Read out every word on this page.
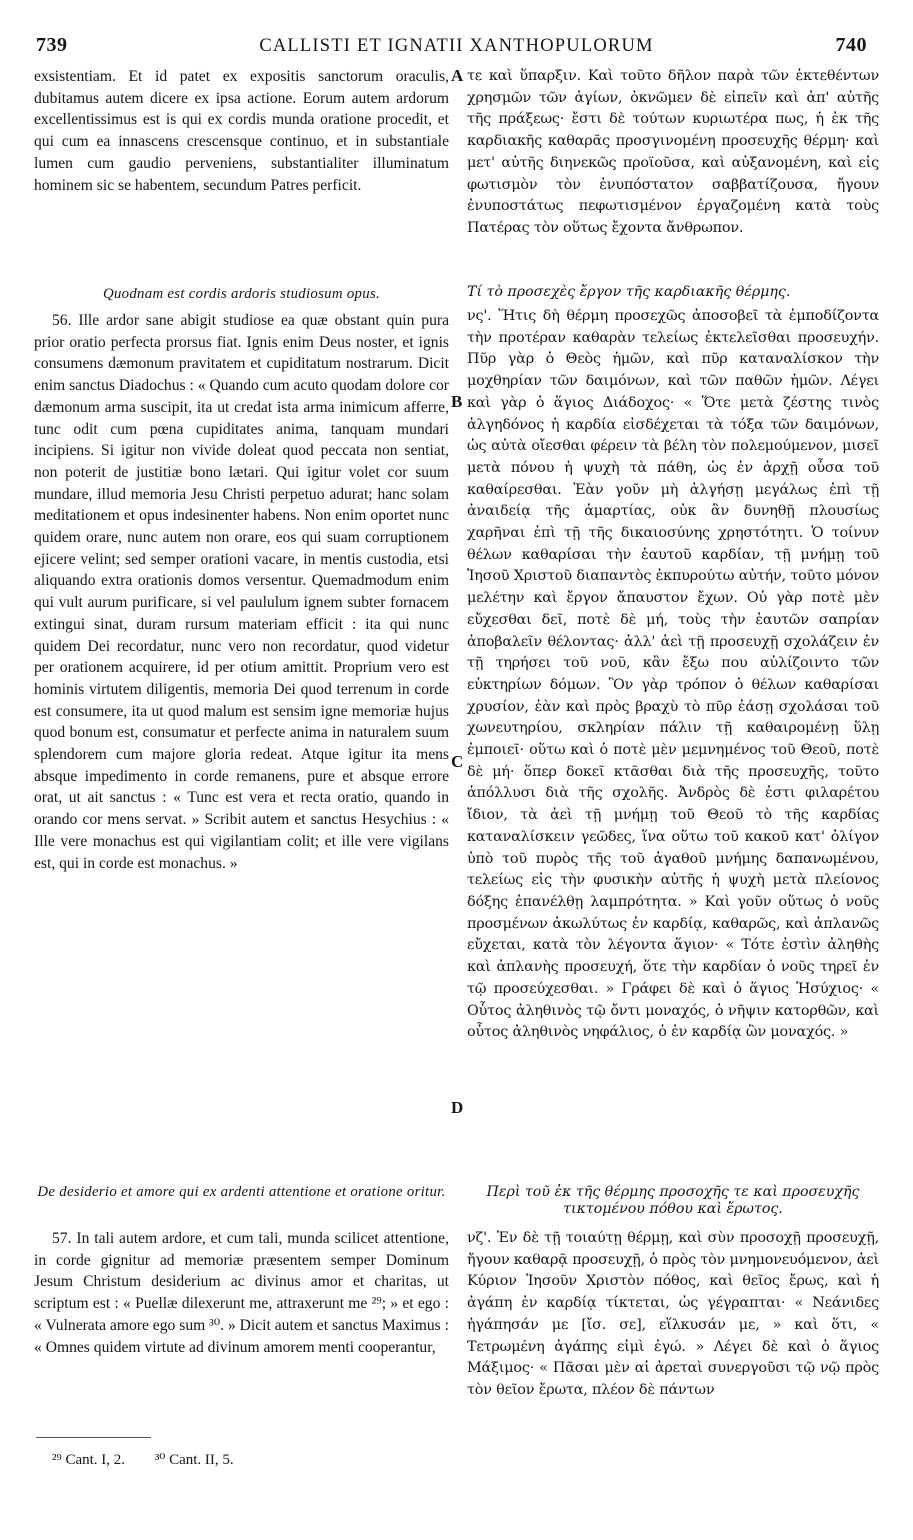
739	CALLISTI ET IGNATII XANTHOPULORUM	740

exsistentiam. Et id patet ex expositis sanctorum oraculis, dubitamus autem dicere ex ipsa actione. Eorum autem ardorum excellentissimus est is qui ex cordis munda oratione procedit, et qui cum ea innascens crescensque continuo, et in substantiale lumen cum gaudio perveniens, substantialiter illuminatum hominem sic se habentem, secundum Patres perficit.

Quodnam est cordis ardoris studiosum opus.

56. Ille ardor sane abigit studiose ea quæ obstant quin pura prior oratio perfecta prorsus fiat. Ignis enim Deus noster, et ignis consumens dæmonum pravitatem et cupiditatum nostrarum. Dicit enim sanctus Diadochus : « Quando cum acuto quodam dolore cor dæmonum arma suscipit, ita ut credat ista arma inimicum afferre, tunc odit cum pœna cupiditates anima, tanquam mundari incipiens. Si igitur non vivide doleat quod peccata non sentiat, non poterit de justitiæ bono lætari. Qui igitur volet cor suum mundare, illud memoria Jesu Christi perpetuo adurat; hanc solam meditationem et opus indesinenter habens. Non enim oportet nunc quidem orare, nunc autem non orare, eos qui suam corruptionem ejicere velint; sed semper orationi vacare, in mentis custodia, etsi aliquando extra orationis domos versentur. Quemadmodum enim qui vult aurum purificare, si vel paululum ignem subter fornacem extingui sinat, duram rursum materiam efficit : ita qui nunc quidem Dei recordatur, nunc vero non recordatur, quod videtur per orationem acquirere, id per otium amittit. Proprium vero est hominis virtutem diligentis, memoria Dei quod terrenum in corde est consumere, ita ut quod malum est sensim igne memoriæ hujus quod bonum est, consumatur et perfecte anima in naturalem suum splendorem cum majore gloria redeat. Atque igitur ita mens absque impedimento in corde remanens, pure et absque errore orat, ut ait sanctus : « Tunc est vera et recta oratio, quando in orando cor mens servat. » Scribit autem et sanctus Hesychius : « Ille vere monachus est qui vigilantiam colit; et ille vere vigilans est, qui in corde est monachus. »

De desiderio et amore qui ex ardenti attentione et oratione oritur.

57. In tali autem ardore, et cum tali, munda scilicet attentione, in corde gignitur ad memoriæ præsentem semper Dominum Jesum Christum desiderium ac divinus amor et charitas, ut scriptum est : « Puellæ dilexerunt me, attraxerunt me ²⁹; » et ego : « Vulnerata amore ego sum ³⁰. » Dicit autem et sanctus Maximus : « Omnes quidem virtute ad divinum amorem menti cooperantur,

τε καὶ ὕπαρξιν. Καὶ τοῦτο δῆλον παρὰ τῶν ἐκτεθέντων χρησμῶν τῶν ἁγίων, ὀκνῶμεν δὲ εἰπεῖν καὶ ἀπ' αὐτῆς τῆς πράξεως· ἔστι δὲ τούτων κυριωτέρα πως, ἡ ἐκ τῆς καρδιακῆς καθαρᾶς προσγινομένη προσευχῆς θέρμη· καὶ μετ' αὐτῆς διηνεκῶς προϊοῦσα, καὶ αὐξανομένη, καὶ εἰς φωτισμὸν τὸν ἐνυπόστατον σαββατίζουσα, ἤγουν ἐνυποστάτως πεφωτισμένον ἐργαζομένη κατὰ τοὺς Πατέρας τὸν οὕτως ἔχοντα ἄνθρωπον.

Τί τὸ προσεχὲς ἔργον τῆς καρδιακῆς θέρμης.

νς'. Ἥτις δὴ θέρμη προσεχῶς ἀποσοβεῖ τὰ ἐμποδίζοντα τὴν προτέραν καθαρὰν τελείως ἐκτελεῖσθαι προσευχήν. Πῦρ γὰρ ὁ Θεὸς ἡμῶν, καὶ πῦρ καταναλίσκον τὴν μοχθηρίαν τῶν δαιμόνων, καὶ τῶν παθῶν ἡμῶν. Λέγει καὶ γὰρ ὁ ἅγιος Διάδοχος· « Ὅτε μετὰ ζέστης τινὸς ἀλγηδόνος ἡ καρδία εἰσδέχεται τὰ τόξα τῶν δαιμόνων, ὡς αὐτὰ οἴεσθαι φέρειν τὰ βέλη τὸν πολεμούμενον, μισεῖ μετὰ πόνου ἡ ψυχὴ τὰ πάθη, ὡς ἐν ἀρχῇ οὖσα τοῦ καθαίρεσθαι. Ἐὰν γοῦν μὴ ἀλγήσῃ μεγάλως ἐπὶ τῇ ἀναιδείᾳ τῆς ἁμαρτίας, οὐκ ἂν δυνηθῇ πλουσίως χαρῆναι ἐπὶ τῇ τῆς δικαιοσύνης χρηστότητι. Ὁ τοίνυν θέλων καθαρίσαι τὴν ἑαυτοῦ καρδίαν, τῇ μνήμῃ τοῦ Ἰησοῦ Χριστοῦ διαπαντὸς ἐκπυρούτω αὐτήν, τοῦτο μόνον μελέτην καὶ ἔργον ἄπαυστον ἔχων. Οὐ γὰρ ποτὲ μὲν εὔχεσθαι δεῖ, ποτὲ δὲ μή, τοὺς τὴν ἑαυτῶν σαπρίαν ἀποβαλεῖν θέλοντας· ἀλλ' ἀεὶ τῇ προσευχῇ σχολάζειν ἐν τῇ τηρήσει τοῦ νοῦ, κἂν ἔξω που αὐλίζοιντο τῶν εὐκτηρίων δόμων. Ὃν γὰρ τρόπον ὁ θέλων καθαρίσαι χρυσίον, ἐὰν καὶ πρὸς βραχὺ τὸ πῦρ ἐάσῃ σχολάσαι τοῦ χωνευτηρίου, σκληρίαν πάλιν τῇ καθαιρομένῃ ὕλῃ ἐμποιεῖ· οὕτω καὶ ὁ ποτὲ μὲν μεμνημένος τοῦ Θεοῦ, ποτὲ δὲ μή· ὅπερ δοκεῖ κτᾶσθαι διὰ τῆς προσευχῆς, τοῦτο ἀπόλλυσι διὰ τῆς σχολῆς. Ἀνδρὸς δὲ ἐστι φιλαρέτου ἴδιον, τὰ ἀεὶ τῇ μνήμῃ τοῦ Θεοῦ τὸ τῆς καρδίας καταναλίσκειν γεῶδες, ἵνα οὕτω τοῦ κακοῦ κατ' ὀλίγον ὑπὸ τοῦ πυρὸς τῆς τοῦ ἀγαθοῦ μνήμης δαπανωμένου, τελείως εἰς τὴν φυσικὴν αὐτῆς ἡ ψυχὴ μετὰ πλείονος δόξης ἐπανέλθῃ λαμπρότητα. » Καὶ γοῦν οὕτως ὁ νοῦς προσμένων ἀκωλύτως ἐν καρδίᾳ, καθαρῶς, καὶ ἀπλανῶς εὔχεται, κατὰ τὸν λέγοντα ἅγιον· « Τότε ἐστὶν ἀληθὴς καὶ ἀπλανὴς προσευχή, ὅτε τὴν καρδίαν ὁ νοῦς τηρεῖ ἐν τῷ προσεύχεσθαι. » Γράφει δὲ καὶ ὁ ἅγιος Ἡσύχιος· « Οὗτος ἀληθινὸς τῷ ὄντι μοναχός, ὁ νῆψιν κατορθῶν, καὶ οὗτος ἀληθινὸς νηφάλιος, ὁ ἐν καρδίᾳ ὢν μοναχός. »

Περὶ τοῦ ἐκ τῆς θέρμης προσοχῆς τε καὶ προσευχῆς τικτομένου πόθου καὶ ἔρωτος.

νζ'. Ἐν δὲ τῇ τοιαύτῃ θέρμῃ, καὶ σὺν προσοχῇ προσευχῇ, ἤγουν καθαρᾷ προσευχῇ, ὁ πρὸς τὸν μνημονευόμενον, ἀεὶ Κύριον Ἰησοῦν Χριστὸν πόθος, καὶ θεῖος ἔρως, καὶ ἡ ἀγάπη ἐν καρδίᾳ τίκτεται, ὡς γέγραπται· « Νεάνιδες ἠγάπησάν με [ἴσ. σε], εἵλκυσάν με, » καὶ ὅτι, « Τετρωμένη ἀγάπης εἰμὶ ἐγώ. » Λέγει δὲ καὶ ὁ ἅγιος Μάξιμος· « Πᾶσαι μὲν αἱ ἀρεταὶ συνεργοῦσι τῷ νῷ πρὸς τὸν θεῖον ἔρωτα, πλέον δὲ πάντων

A
B
C
D
²⁹ Cant. I, 2. ³⁰ Cant. II, 5.
